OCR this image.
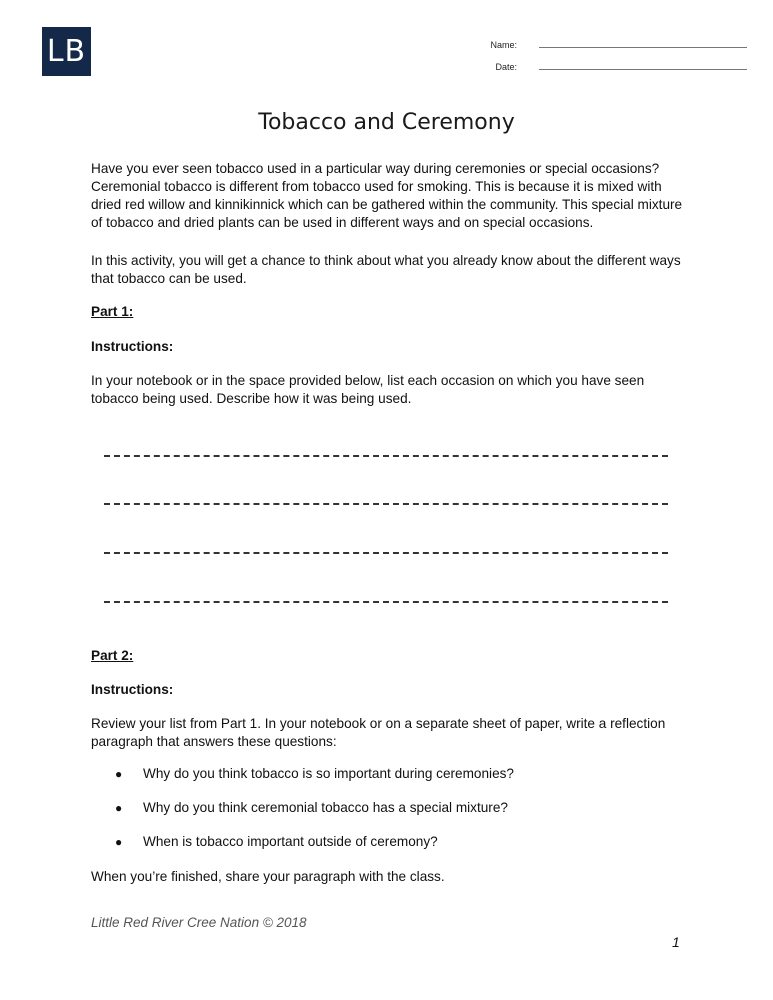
LB	Name:
Date:
Tobacco and Ceremony
Have you ever seen tobacco used in a particular way during ceremonies or special occasions? Ceremonial tobacco is different from tobacco used for smoking. This is because it is mixed with dried red willow and kinnikinnick which can be gathered within the community. This special mixture of tobacco and dried plants can be used in different ways and on special occasions.
In this activity, you will get a chance to think about what you already know about the different ways that tobacco can be used.
Part 1:
Instructions:
In your notebook or in the space provided below, list each occasion on which you have seen tobacco being used. Describe how it was being used.
Part 2:
Instructions:
Review your list from Part 1. In your notebook or on a separate sheet of paper, write a reflection paragraph that answers these questions:
●	Why do you think tobacco is so important during ceremonies?
●	Why do you think ceremonial tobacco has a special mixture?
●	When is tobacco important outside of ceremony?
When you’re finished, share your paragraph with the class.
Little Red River Cree Nation © 2018
1
